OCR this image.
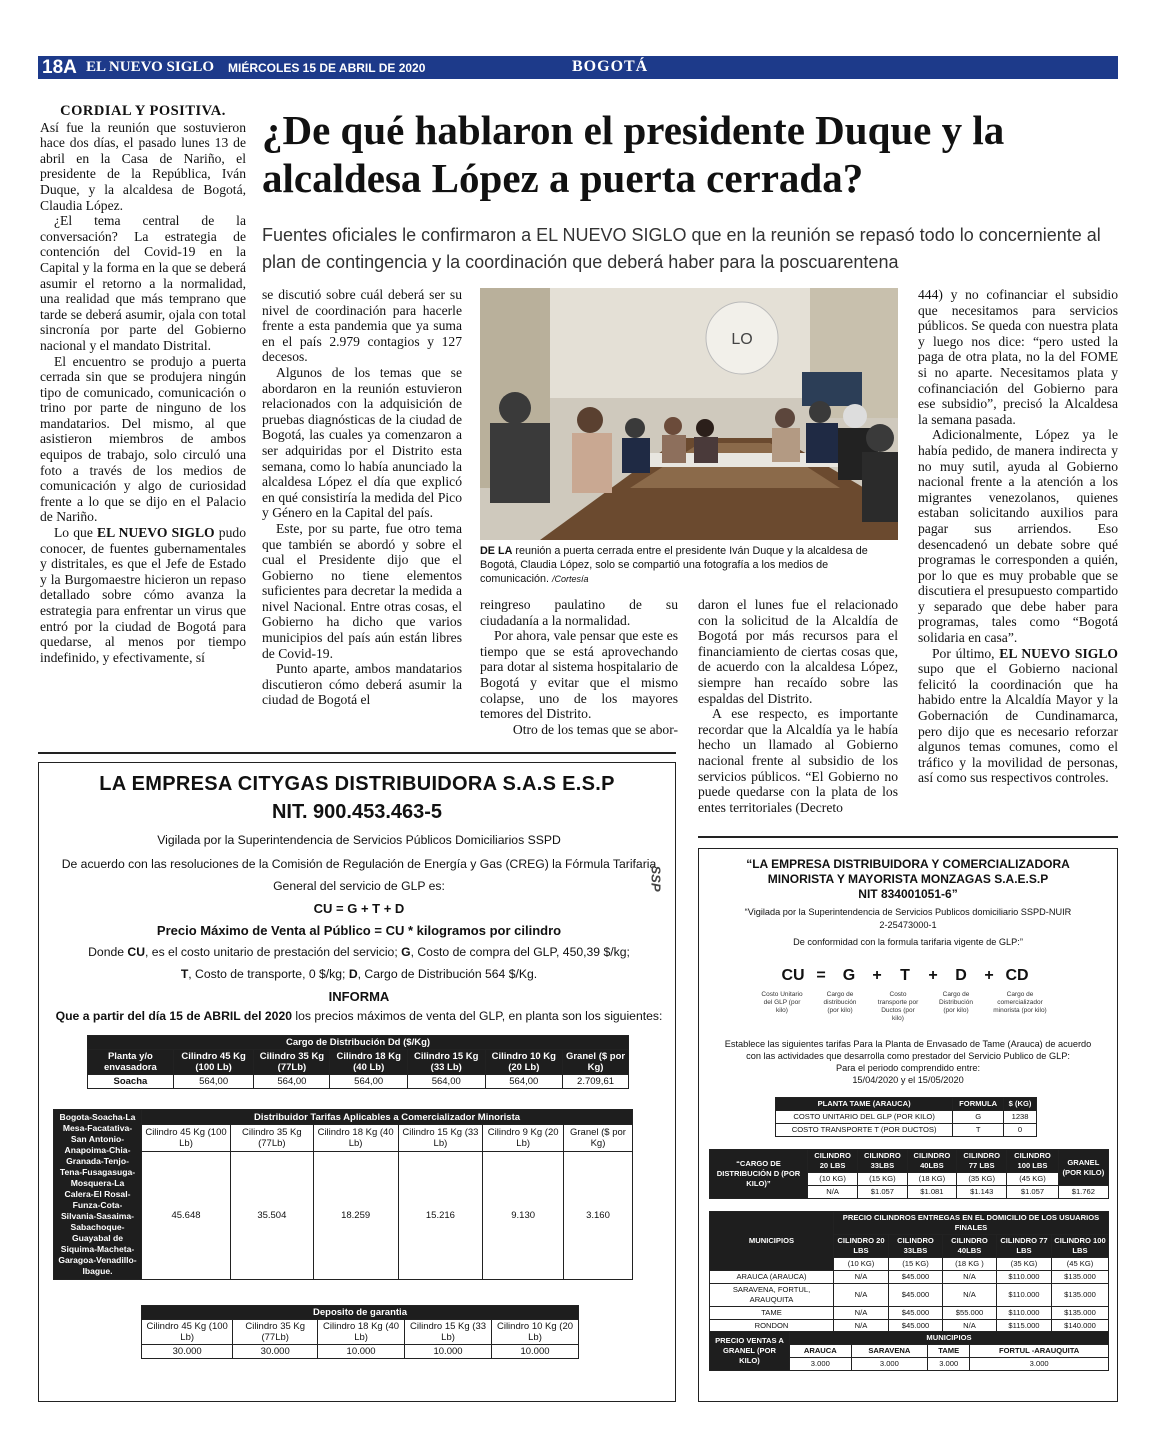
18A EL NUEVO SIGLO MIÉRCOLES 15 DE ABRIL DE 2020	BOGOTÁ

CORDIAL Y POSITIVA.

Así fue la reunión que sostuvieron hace dos días, el pasado lunes 13 de abril en la Casa de Nariño, el presidente de la República, Iván Duque, y la alcaldesa de Bogotá, Claudia López.

¿El tema central de la conversación? La estrategia de contención del Covid-19 en la Capital y la forma en la que se deberá asumir el retorno a la normalidad, una realidad que más temprano que tarde se deberá asumir, ojala con total sincronía por parte del Gobierno nacional y el mandato Distrital.

El encuentro se produjo a puerta cerrada sin que se produjera ningún tipo de comunicado, comunicación o trino por parte de ninguno de los mandatarios. Del mismo, al que asistieron miembros de ambos equipos de trabajo, solo circuló una foto a través de los medios de comunicación y algo de curiosidad frente a lo que se dijo en el Palacio de Nariño.

Lo que EL NUEVO SIGLO pudo conocer, de fuentes gubernamentales y distritales, es que el Jefe de Estado y la Burgomaestre hicieron un repaso detallado sobre cómo avanza la estrategia para enfrentar un virus que entró por la ciudad de Bogotá para quedarse, al menos por tiempo indefinido, y efectivamente, sí

¿De qué hablaron el presidente Duque y la alcaldesa López a puerta cerrada?
Fuentes oficiales le confirmaron a EL NUEVO SIGLO que en la reunión se repasó todo lo concerniente al plan de contingencia y la coordinación que deberá haber para la poscuarentena

se discutió sobre cuál deberá ser su nivel de coordinación para hacerle frente a esta pandemia que ya suma en el país 2.979 contagios y 127 decesos.

Algunos de los temas que se abordaron en la reunión estuvieron relacionados con la adquisición de pruebas diagnósticas de la ciudad de Bogotá, las cuales ya comenzaron a ser adquiridas por el Distrito esta semana, como lo había anunciado la alcaldesa López el día que explicó en qué consistiría la medida del Pico y Género en la Capital del país.

Este, por su parte, fue otro tema que también se abordó y sobre el cual el Presidente dijo que el Gobierno no tiene elementos suficientes para decretar la medida a nivel Nacional. Entre otras cosas, el Gobierno ha dicho que varios municipios del país aún están libres de Covid-19.

Punto aparte, ambos mandatarios discutieron cómo deberá asumir la ciudad de Bogotá el

LO
DE LA reunión a puerta cerrada entre el presidente Iván Duque y la alcaldesa de Bogotá, Claudia López, solo se compartió una fotografía a los medios de comunicación. /Cortesía

reingreso paulatino de su ciudadanía a la normalidad.

Por ahora, vale pensar que este es tiempo que se está aprovechando para dotar al sistema hospitalario de Bogotá y evitar que el mismo colapse, uno de los mayores temores del Distrito.

Otro de los temas que se abor-

daron el lunes fue el relacionado con la solicitud de la Alcaldía de Bogotá por más recursos para el financiamiento de ciertas cosas que, de acuerdo con la alcaldesa López, siempre han recaído sobre las espaldas del Distrito.

A ese respecto, es importante recordar que la Alcaldía ya le había hecho un llamado al Gobierno nacional frente al subsidio de los servicios públicos. “El Gobierno no puede quedarse con la plata de los entes territoriales (Decreto

444) y no cofinanciar el subsidio que necesitamos para servicios públicos. Se queda con nuestra plata y luego nos dice: “pero usted la paga de otra plata, no la del FOME si no aparte. Necesitamos plata y cofinanciación del Gobierno para ese subsidio”, precisó la Alcaldesa la semana pasada.

Adicionalmente, López ya le había pedido, de manera indirecta y no muy sutil, ayuda al Gobierno nacional frente a la atención a los migrantes venezolanos, quienes estaban solicitando auxilios para pagar sus arriendos. Eso desencadenó un debate sobre qué programas le corresponden a quién, por lo que es muy probable que se discutiera el presupuesto compartido y separado que debe haber para programas, tales como “Bogotá solidaria en casa”.

Por último, EL NUEVO SIGLO supo que el Gobierno nacional felicitó la coordinación que ha habido entre la Alcaldía Mayor y la Gobernación de Cundinamarca, pero dijo que es necesario reforzar algunos temas comunes, como el tráfico y la movilidad de personas, así como sus respectivos controles.

LA EMPRESA CITYGAS DISTRIBUIDORA S.A.S E.S.P
NIT. 900.453.463-5
Vigilada por la Superintendencia de Servicios Públicos Domiciliarios SSPD
De acuerdo con las resoluciones de la Comisión de Regulación de Energía y Gas (CREG) la Fórmula Tarifaria
General del servicio de GLP es:
CU = G + T + D
Precio Máximo de Venta al Público = CU * kilogramos por cilindro
Donde CU, es el costo unitario de prestación del servicio; G, Costo de compra del GLP, 450,39 $/kg;
T, Costo de transporte, 0 $/kg; D, Cargo de Distribución 564 $/Kg.
INFORMA
Que a partir del día 15 de ABRIL del 2020 los precios máximos de venta del GLP, en planta son los siguientes:
SSP
Cargo de Distribución Dd ($/Kg)						
Planta y/o envasadora	Cilindro 45 Kg (100 Lb)	Cilindro 35 Kg (77Lb)	Cilindro 18 Kg (40 Lb)	Cilindro 15 Kg (33 Lb)	Cilindro 10 Kg (20 Lb)	Granel ($ por Kg)
Soacha	564,00	564,00	564,00	564,00	564,00	2.709,61
Bogota-Soacha-La Mesa-Facatativa-San Antonio-Anapoima-Chia-Granada-Tenjo-Tena-Fusagasuga-Mosquera-La Calera-El Rosal-Funza-Cota-Silvania-Sasaima-Sabachoque-Guayabal de Siquima-Macheta-Garagoa-Venadillo-Ibague.	Distribuidor Tarifas Aplicables a Comercializador Minorista					
	Cilindro 45 Kg (100 Lb)	Cilindro 35 Kg (77Lb)	Cilindro 18 Kg (40 Lb)	Cilindro 15 Kg (33 Lb)	Cilindro 9 Kg (20 Lb)	Granel ($ por Kg)
	45.648	35.504	18.259	15.216	9.130	3.160
Deposito de garantia				
Cilindro 45 Kg (100 Lb)	Cilindro 35 Kg (77Lb)	Cilindro 18 Kg (40 Lb)	Cilindro 15 Kg (33 Lb)	Cilindro 10 Kg (20 Lb)
30.000	30.000	10.000	10.000	10.000
“LA EMPRESA DISTRIBUIDORA Y COMERCIALIZADORA
MINORISTA Y MAYORISTA MONZAGAS S.A.E.S.P
NIT 834001051-6”
“Vigilada por la Superintendencia de Servicios Publicos domiciliario SSPD-NUIR
2-25473000-1
De conformidad con la formula tarifaria vigente de GLP:”
CU = G + T + D + CD
Costo Unitario del GLP (por kilo)
Cargo de distribución (por kilo)
Costo transporte por Ductos (por kilo)
Cargo de Distribución (por kilo)
Cargo de comercializador minorista (por kilo)
Establece las siguientes tarifas Para la Planta de Envasado de Tame (Arauca) de acuerdo
con las actividades que desarrolla como prestador del Servicio Publico de GLP:
Para el periodo comprendido entre:
15/04/2020 y el 15/05/2020
PLANTA TAME (ARAUCA)	FORMULA	$ (KG)
COSTO UNITARIO DEL GLP (POR KILO)	G	1238
COSTO TRANSPORTE T (POR DUCTOS)	T	0
“CARGO DE DISTRIBUCIÓN D (POR KILO)”	CILINDRO 20 LBS	CILINDRO 33LBS	CILINDRO 40LBS	CILINDRO 77 LBS	CILINDRO 100 LBS	GRANEL (POR KILO)
	(10 KG)	(15 KG)	(18 KG)	(35 KG)	(45 KG)	
	N/A	$1.057	$1.081	$1.143	$1.057	$1.762
MUNICIPIOS	PRECIO CILINDROS ENTREGAS EN EL DOMICILIO DE LOS USUARIOS FINALES				
	CILINDRO 20 LBS	CILINDRO 33LBS	CILINDRO 40LBS	CILINDRO 77 LBS	CILINDRO 100 LBS
	(10 KG)	(15 KG)	(18 KG )	(35 KG)	(45 KG)
ARAUCA (ARAUCA)	N/A	$45.000	N/A	$110.000	$135.000
SARAVENA, FORTUL, ARAUQUITA	N/A	$45.000	N/A	$110.000	$135.000
TAME	N/A	$45.000	$55.000	$110.000	$135.000
RONDON	N/A	$45.000	N/A	$115.000	$140.000
PRECIO VENTAS A GRANEL (POR KILO)	MUNICIPIOS			
	ARAUCA	SARAVENA	TAME	FORTUL -ARAUQUITA
	3.000	3.000	3.000	3.000
